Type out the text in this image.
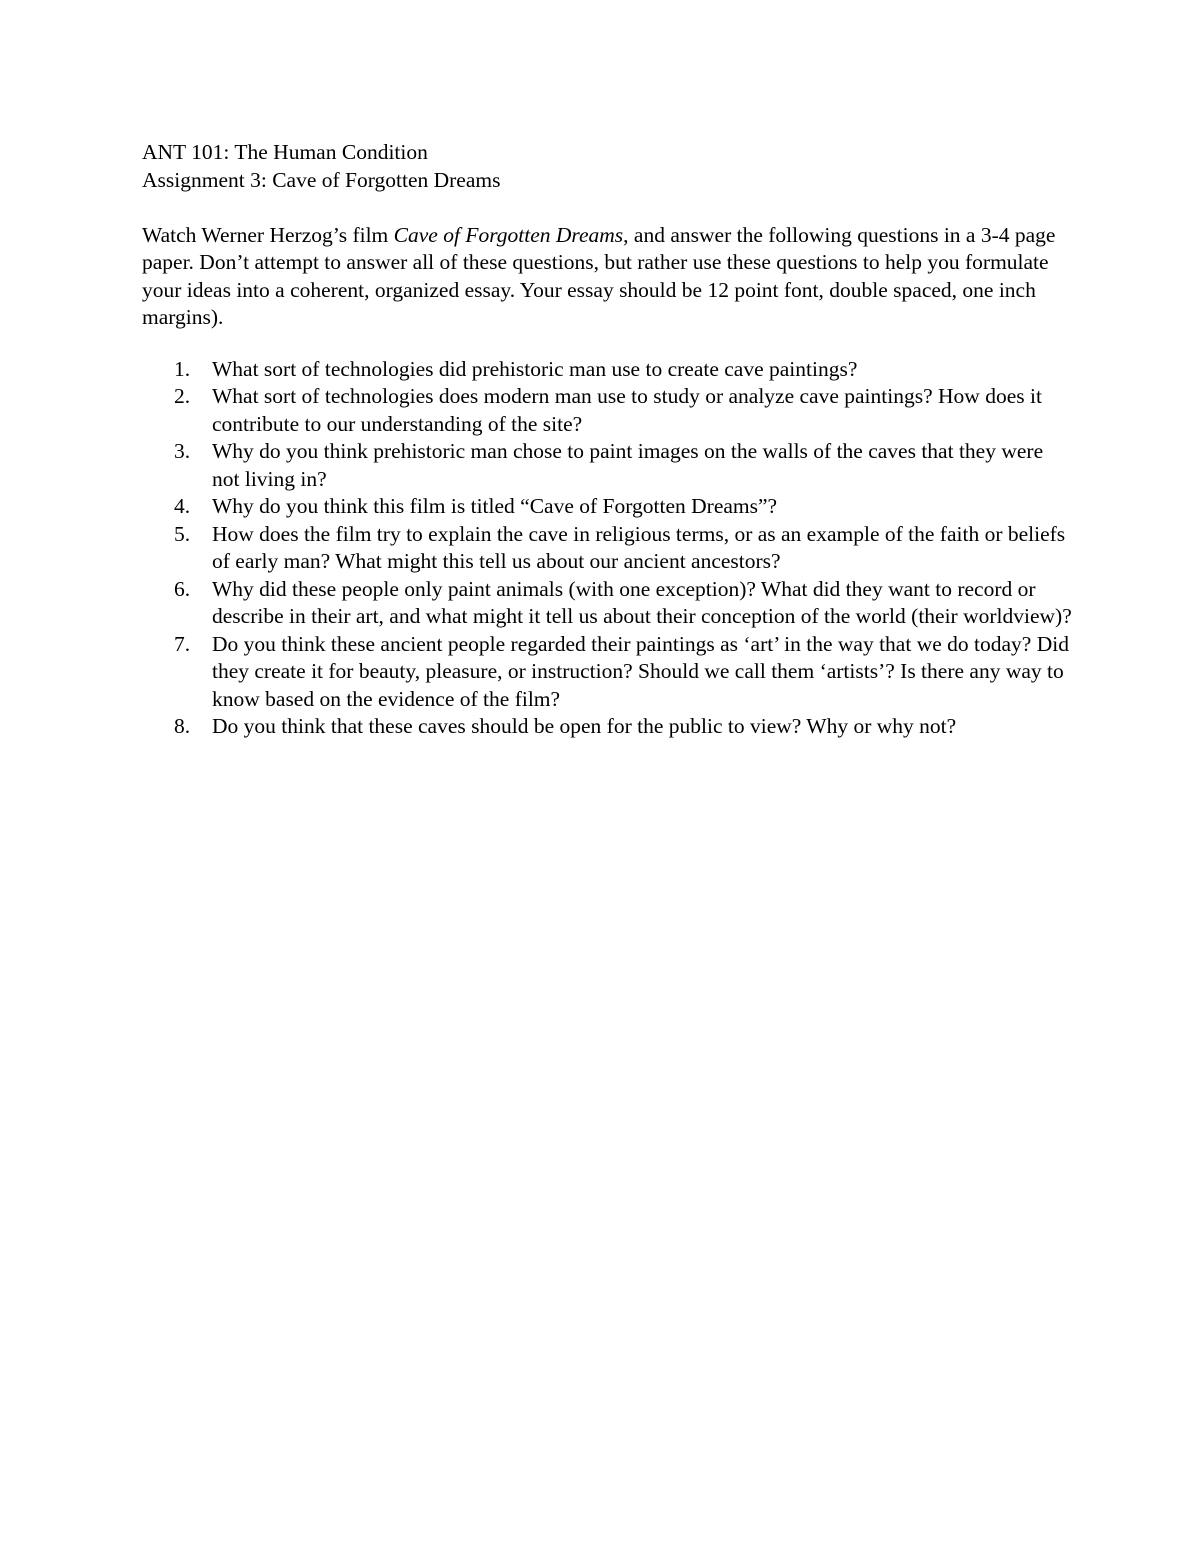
ANT 101: The Human Condition

Assignment 3: Cave of Forgotten Dreams

Watch Werner Herzog’s film Cave of Forgotten Dreams, and answer the following questions in a 3-4 page paper. Don’t attempt to answer all of these questions, but rather use these questions to help you formulate your ideas into a coherent, organized essay. Your essay should be 12 point font, double spaced, one inch margins).

1. What sort of technologies did prehistoric man use to create cave paintings?
2. What sort of technologies does modern man use to study or analyze cave paintings? How does it contribute to our understanding of the site?
3. Why do you think prehistoric man chose to paint images on the walls of the caves that they were not living in?
4. Why do you think this film is titled “Cave of Forgotten Dreams”?
5. How does the film try to explain the cave in religious terms, or as an example of the faith or beliefs of early man? What might this tell us about our ancient ancestors?
6. Why did these people only paint animals (with one exception)? What did they want to record or describe in their art, and what might it tell us about their conception of the world (their worldview)?
7. Do you think these ancient people regarded their paintings as ‘art’ in the way that we do today? Did they create it for beauty, pleasure, or instruction? Should we call them ‘artists’? Is there any way to know based on the evidence of the film?
8. Do you think that these caves should be open for the public to view? Why or why not?
